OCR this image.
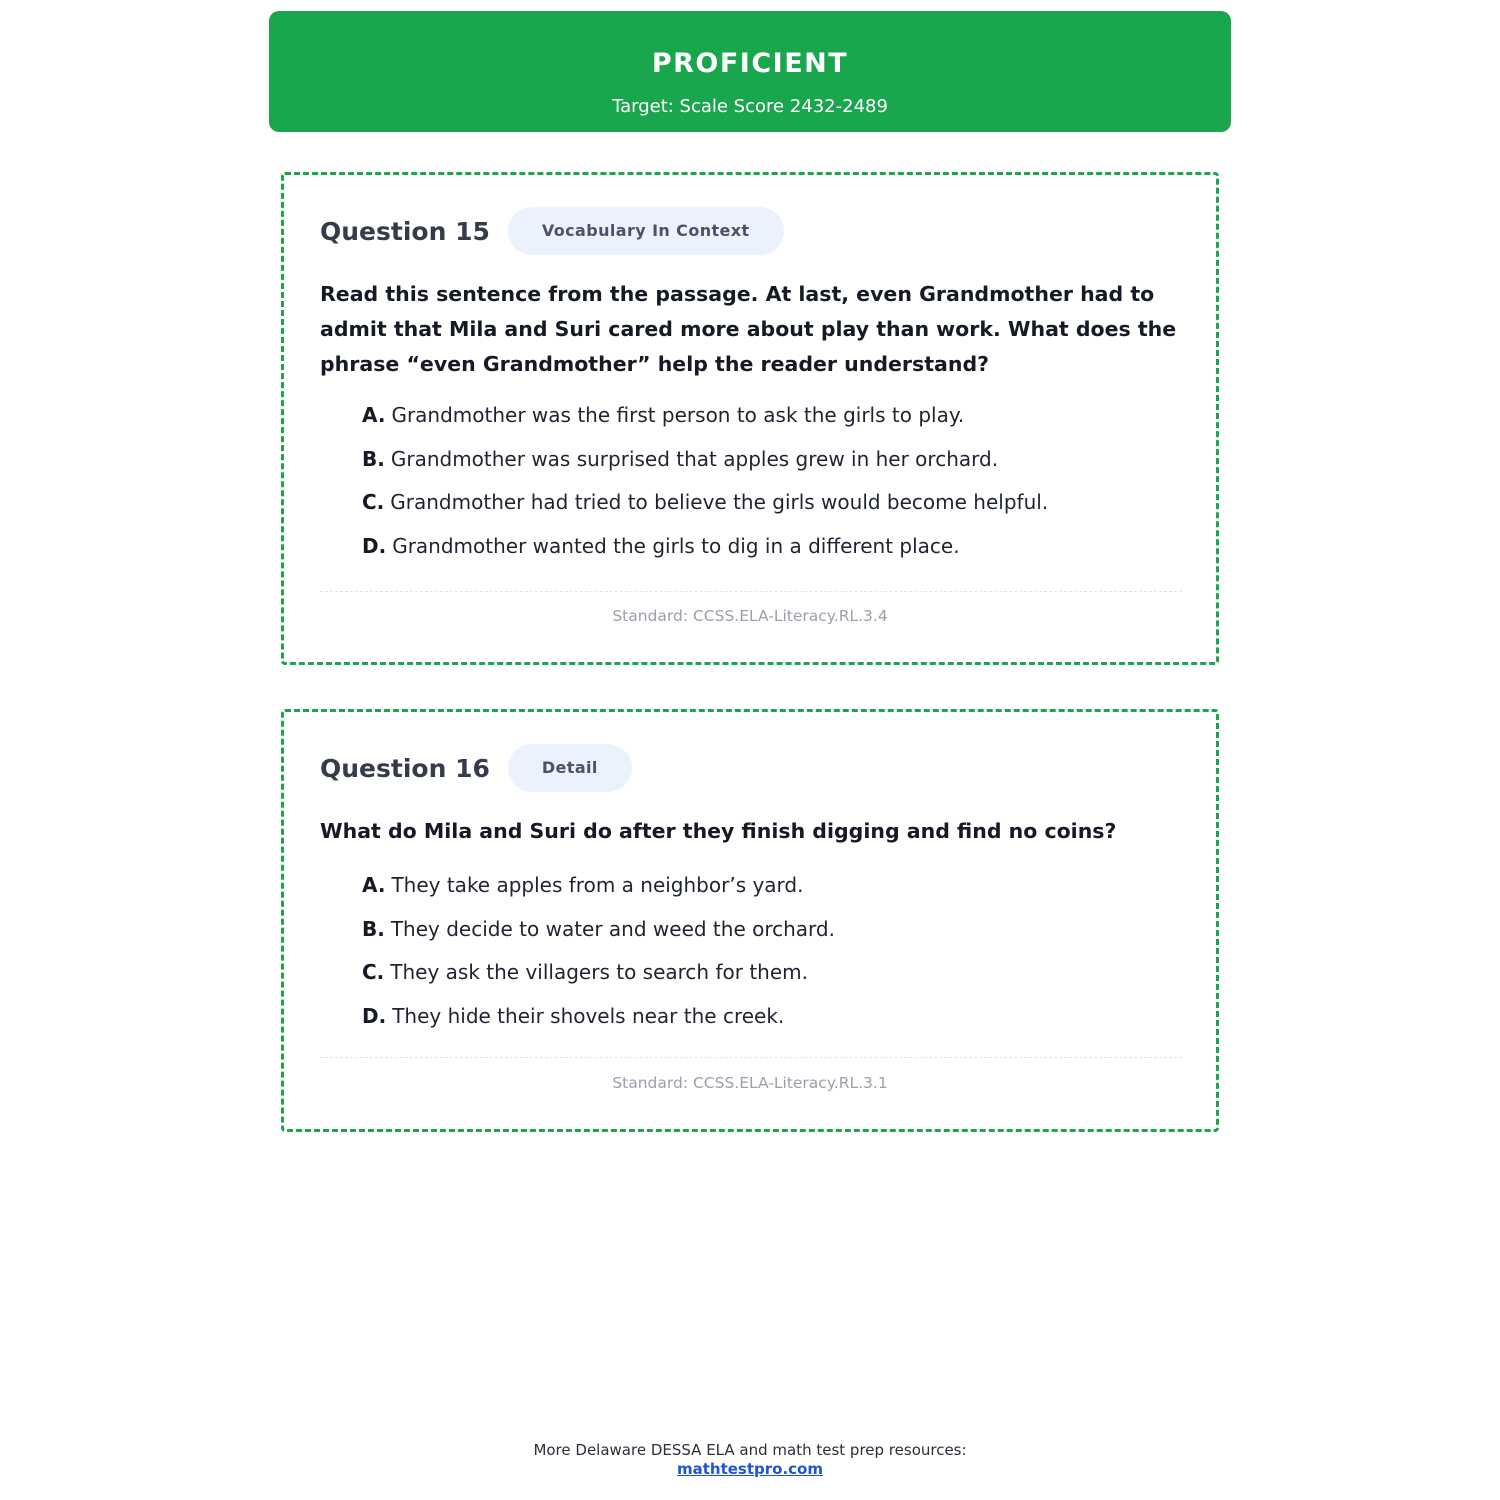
PROFICIENT
Target: Scale Score 2432-2489
Question 15	Vocabulary In Context
Read this sentence from the passage. At last, even Grandmother had to admit that Mila and Suri cared more about play than work. What does the phrase “even Grandmother” help the reader understand?
A. Grandmother was the first person to ask the girls to play.
B. Grandmother was surprised that apples grew in her orchard.
C. Grandmother had tried to believe the girls would become helpful.
D. Grandmother wanted the girls to dig in a different place.
Standard: CCSS.ELA-Literacy.RL.3.4
Question 16	Detail
What do Mila and Suri do after they finish digging and find no coins?
A. They take apples from a neighbor’s yard.
B. They decide to water and weed the orchard.
C. They ask the villagers to search for them.
D. They hide their shovels near the creek.
Standard: CCSS.ELA-Literacy.RL.3.1
More Delaware DESSA ELA and math test prep resources:
mathtestpro.com
